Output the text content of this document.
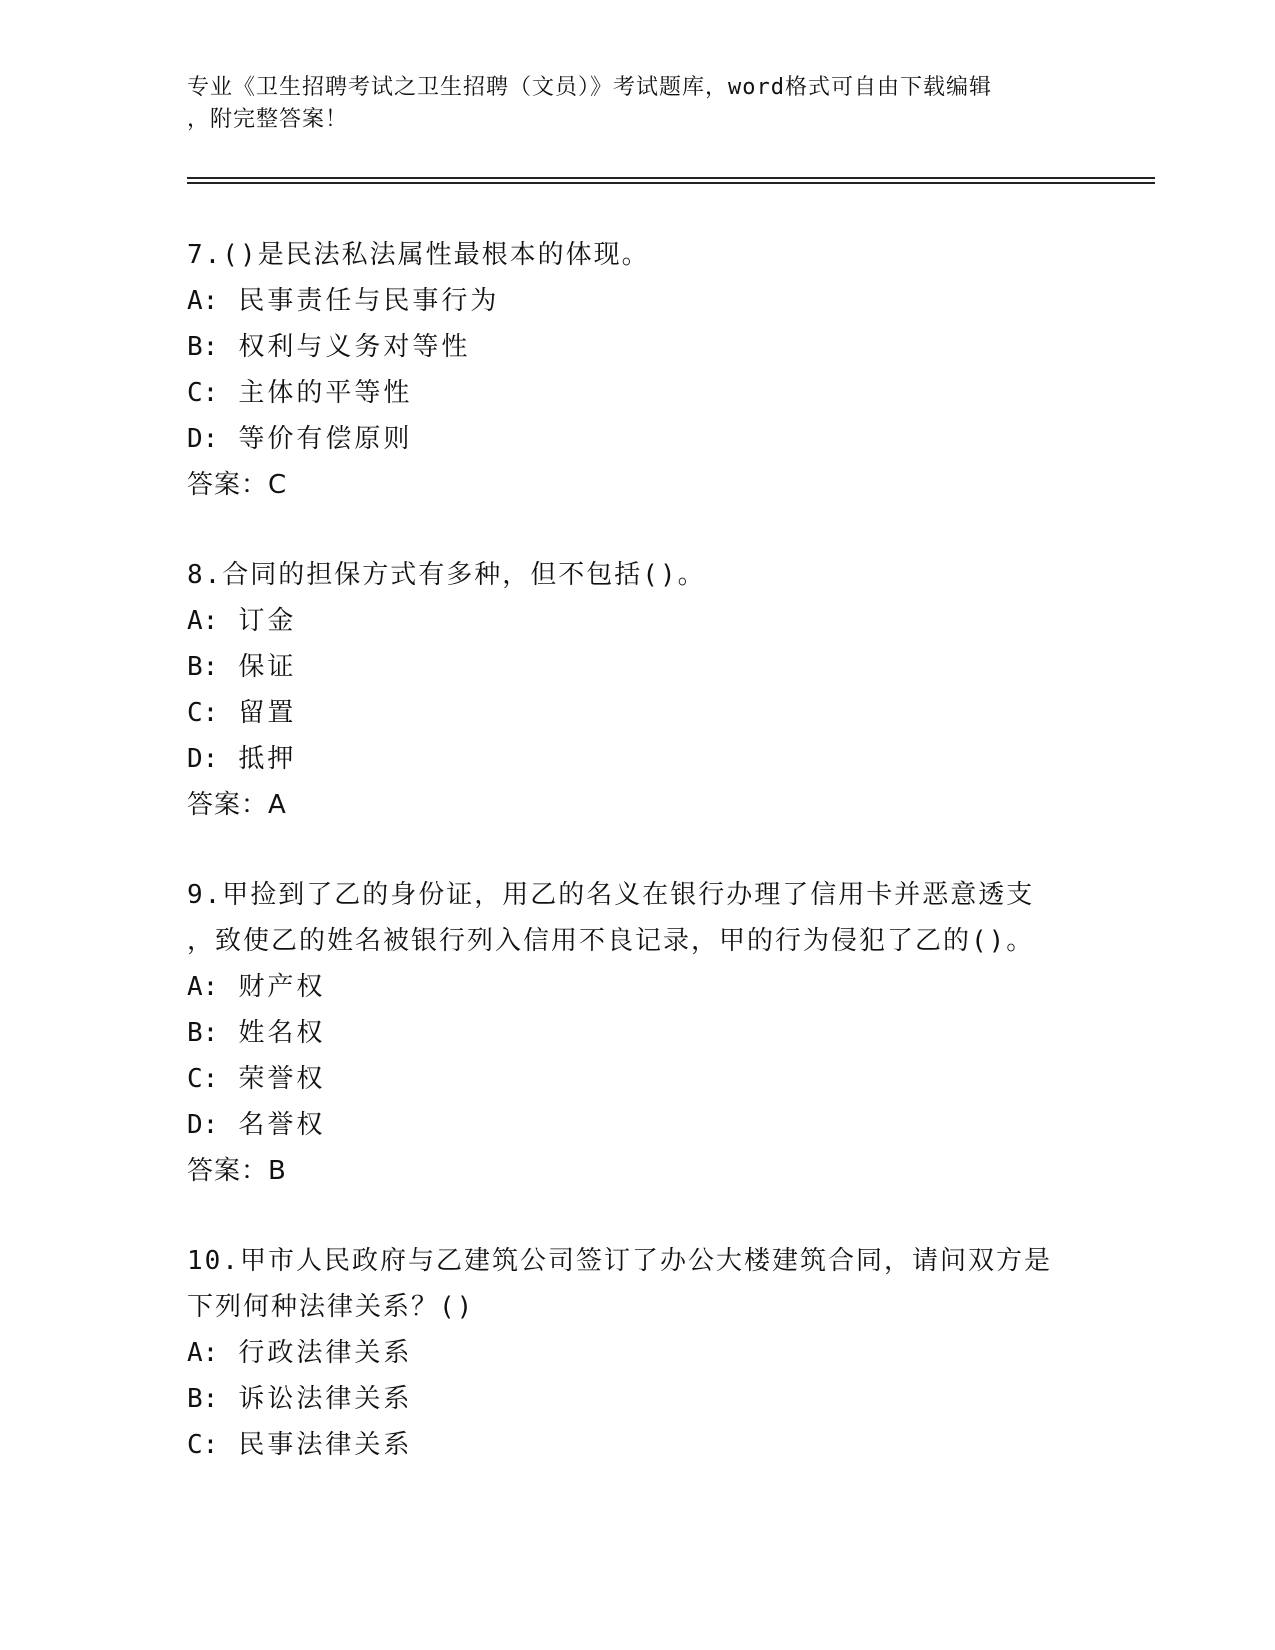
专业《卫生招聘考试之卫生招聘（文员）》考试题库，word格式可自由下载编辑
，附完整答案！
7.()是民法私法属性最根本的体现。
A: 民事责任与民事行为
B: 权利与义务对等性
C: 主体的平等性
D: 等价有偿原则
答案：C
8.合同的担保方式有多种，但不包括()。
A: 订金
B: 保证
C: 留置
D: 抵押
答案：A
9.甲捡到了乙的身份证，用乙的名义在银行办理了信用卡并恶意透支
，致使乙的姓名被银行列入信用不良记录，甲的行为侵犯了乙的()。
A: 财产权
B: 姓名权
C: 荣誉权
D: 名誉权
答案：B
10.甲市人民政府与乙建筑公司签订了办公大楼建筑合同，请问双方是
下列何种法律关系？()
A: 行政法律关系
B: 诉讼法律关系
C: 民事法律关系
